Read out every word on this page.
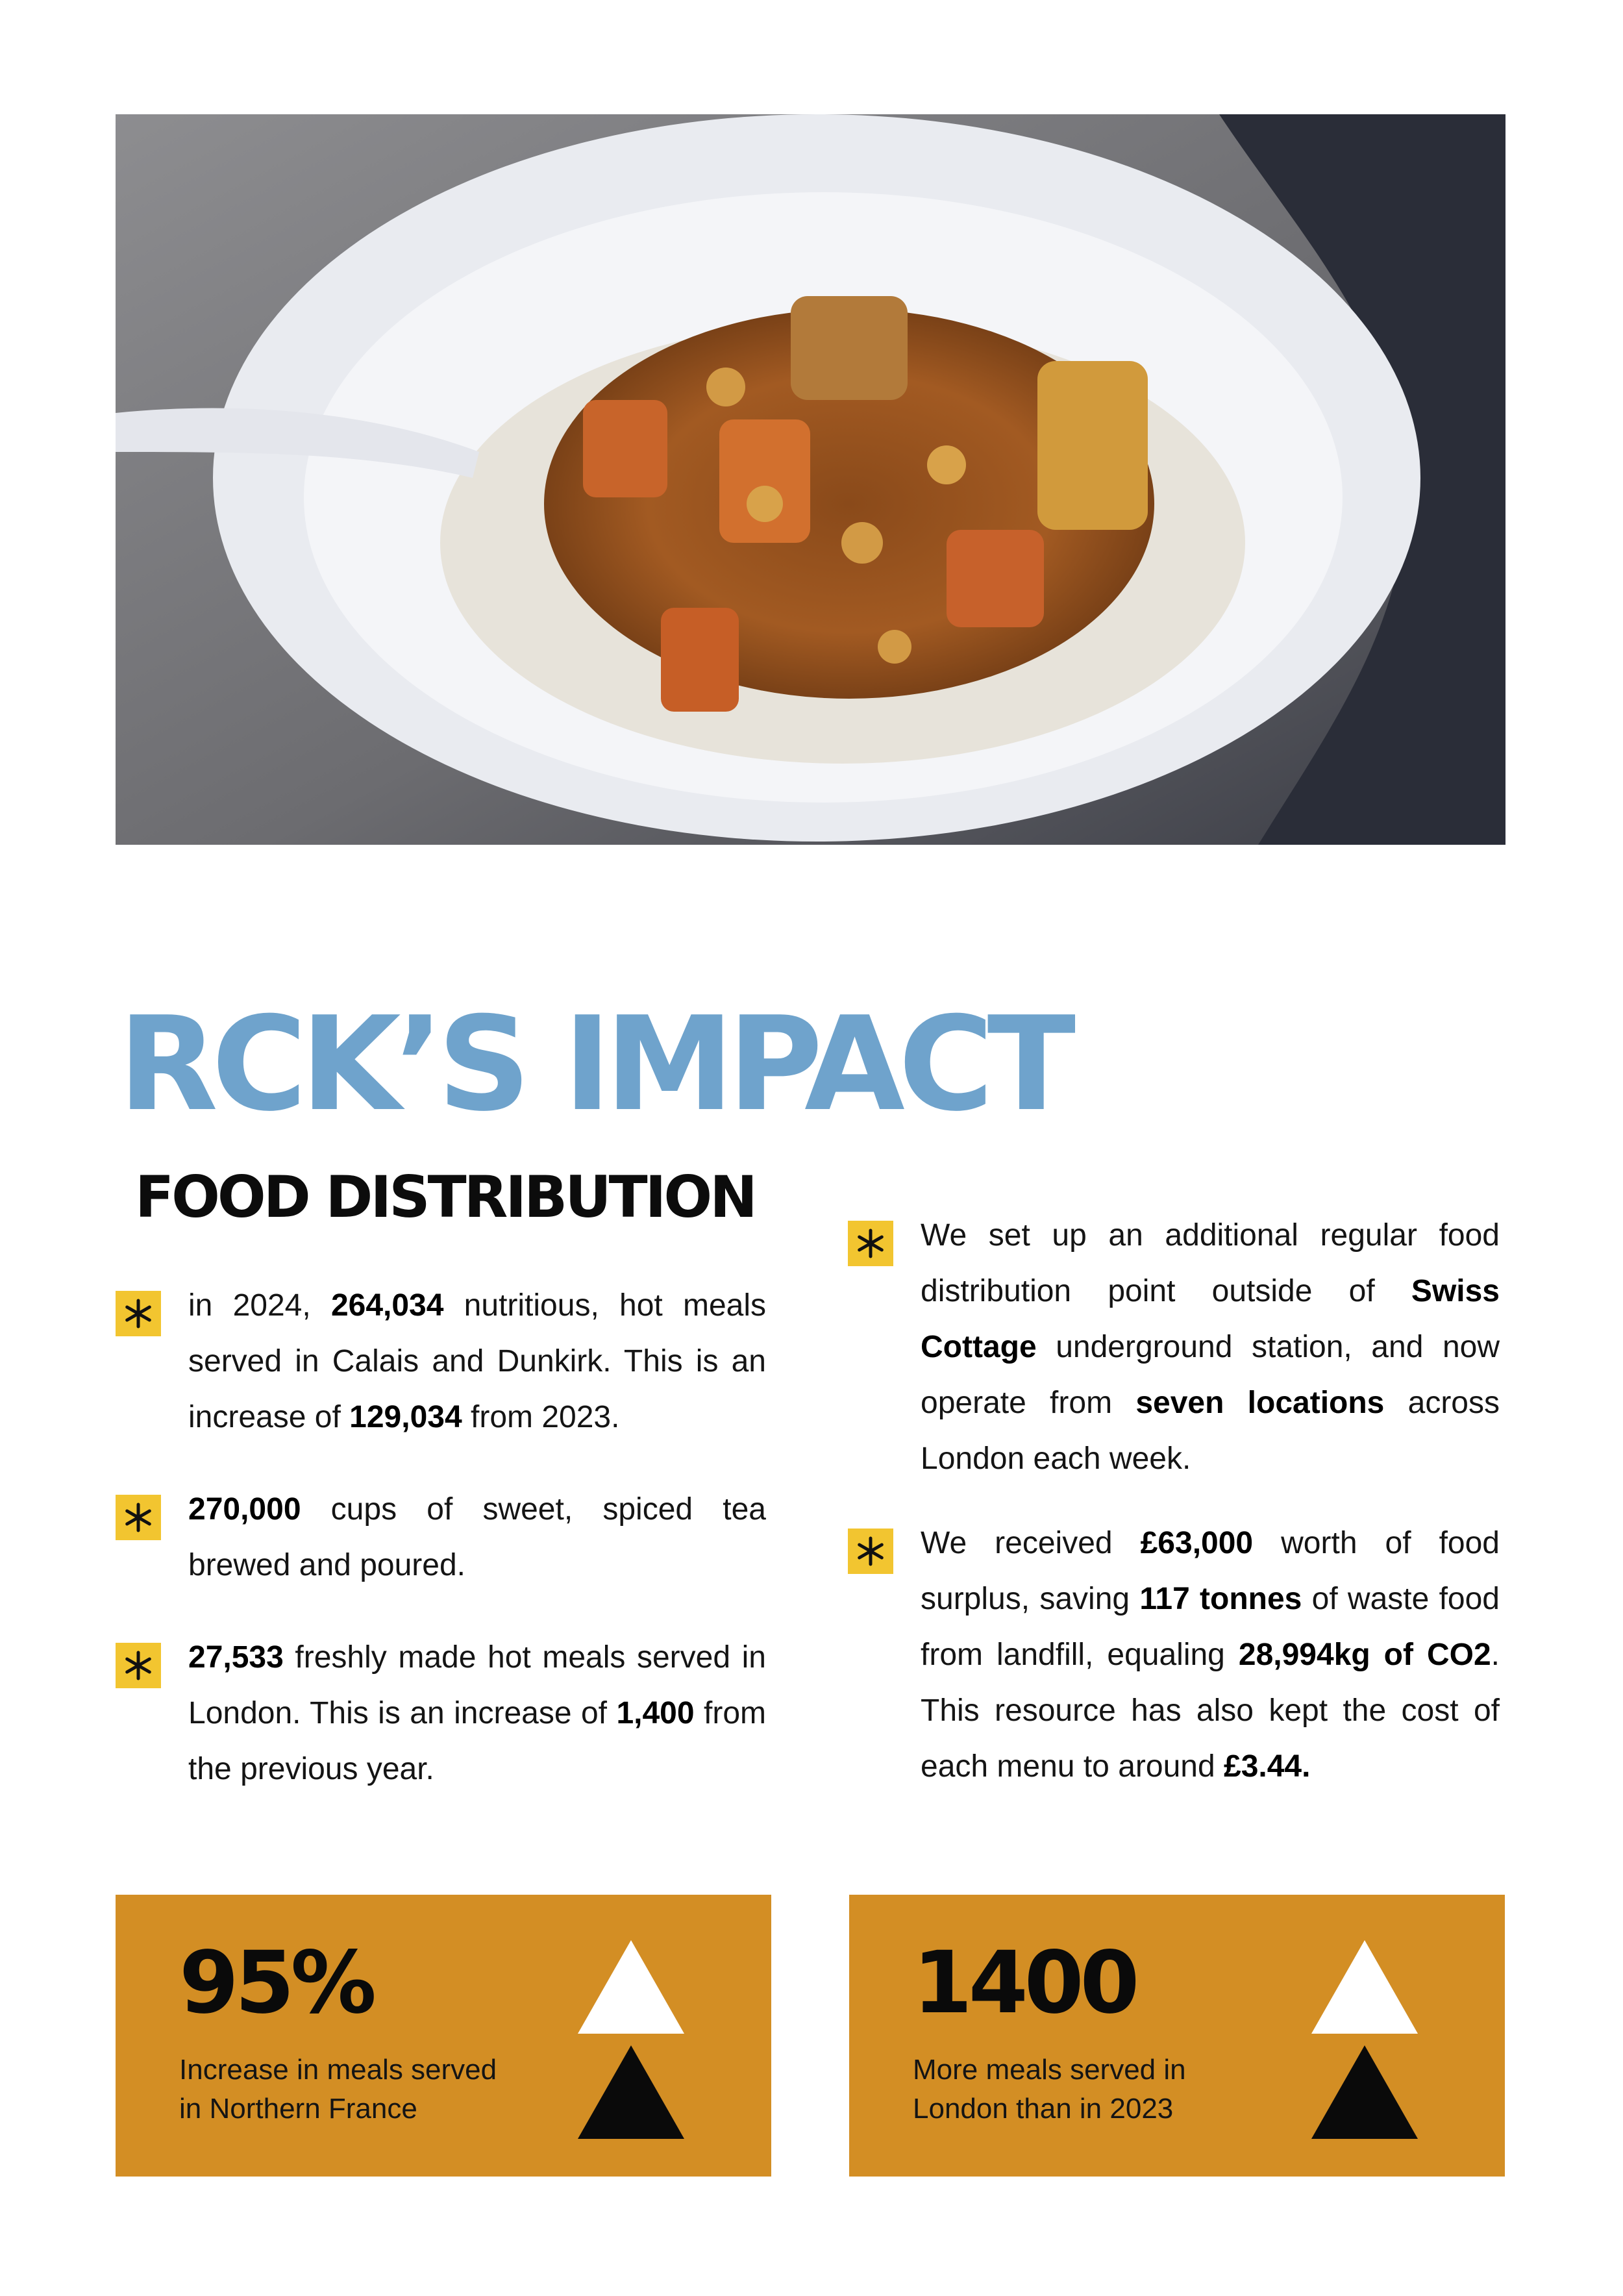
RCK’S IMPACT
FOOD DISTRIBUTION

in 2024, 264,034 nutritious, hot meals served in Calais and Dunkirk. This is an increase of 129,034 from 2023.

270,000 cups of sweet, spiced tea brewed and poured.

27,533 freshly made hot meals served in London. This is an increase of 1,400 from the previous year.

We set up an additional regular food distribution point outside of Swiss Cottage underground station, and now operate from seven locations across London each week.

We received £63,000 worth of food surplus, saving 117 tonnes of waste food from landfill, equaling 28,994kg of CO2. This resource has also kept the cost of each menu to around £3.44.

95%

Increase in meals served
in Northern France

1400

More meals served in
London than in 2023
